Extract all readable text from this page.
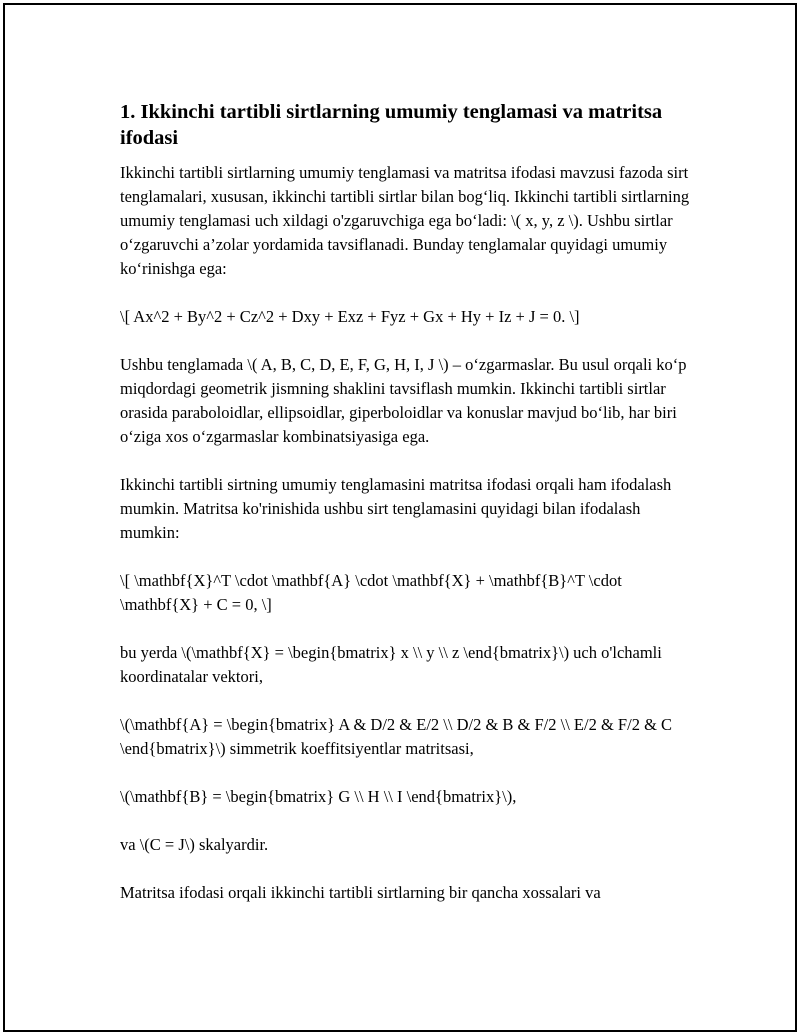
1. Ikkinchi tartibli sirtlarning umumiy tenglamasi va matritsa ifodasi

Ikkinchi tartibli sirtlarning umumiy tenglamasi va matritsa ifodasi mavzusi fazoda sirt tenglamalari, xususan, ikkinchi tartibli sirtlar bilan bog‘liq. Ikkinchi tartibli sirtlarning umumiy tenglamasi uch xildagi o'zgaruvchiga ega bo‘ladi: \( x, y, z \). Ushbu sirtlar o‘zgaruvchi a’zolar yordamida tavsiflanadi. Bunday tenglamalar quyidagi umumiy ko‘rinishga ega:

\[ Ax^2 + By^2 + Cz^2 + Dxy + Exz + Fyz + Gx + Hy + Iz + J = 0. \]

Ushbu tenglamada \( A, B, C, D, E, F, G, H, I, J \) – o‘zgarmaslar. Bu usul orqali ko‘p miqdordagi geometrik jismning shaklini tavsiflash mumkin. Ikkinchi tartibli sirtlar orasida paraboloidlar, ellipsoidlar, giperboloidlar va konuslar mavjud bo‘lib, har biri o‘ziga xos o‘zgarmaslar kombinatsiyasiga ega.

Ikkinchi tartibli sirtning umumiy tenglamasini matritsa ifodasi orqali ham ifodalash mumkin. Matritsa ko'rinishida ushbu sirt tenglamasini quyidagi bilan ifodalash mumkin:

\[ \mathbf{X}^T \cdot \mathbf{A} \cdot \mathbf{X} + \mathbf{B}^T \cdot \mathbf{X} + C = 0, \]

bu yerda \(\mathbf{X} = \begin{bmatrix} x \\ y \\ z \end{bmatrix}\) uch o'lchamli koordinatalar vektori,

\(\mathbf{A} = \begin{bmatrix} A & D/2 & E/2 \\ D/2 & B & F/2 \\ E/2 & F/2 & C \end{bmatrix}\) simmetrik koeffitsiyentlar matritsasi,

\(\mathbf{B} = \begin{bmatrix} G \\ H \\ I \end{bmatrix}\),

va \(C = J\) skalyardir.

Matritsa ifodasi orqali ikkinchi tartibli sirtlarning bir qancha xossalari va
